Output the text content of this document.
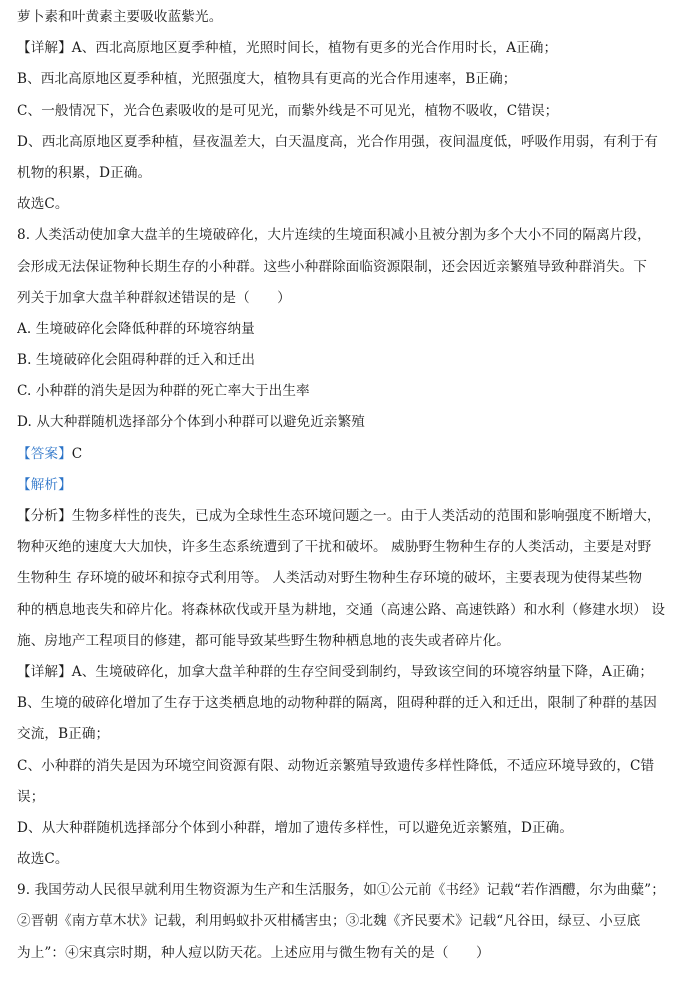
萝卜素和叶黄素主要吸收蓝紫光。
【详解】A、西北高原地区夏季种植，光照时间长，植物有更多的光合作用时长，A正确；
B、西北高原地区夏季种植，光照强度大，植物具有更高的光合作用速率，B正确；
C、一般情况下，光合色素吸收的是可见光，而紫外线是不可见光，植物不吸收，C错误；
D、西北高原地区夏季种植，昼夜温差大，白天温度高，光合作用强，夜间温度低，呼吸作用弱，有利于有
机物的积累，D正确。
故选C。
8. 人类活动使加拿大盘羊的生境破碎化，大片连续的生境面积减小且被分割为多个大小不同的隔离片段，
会形成无法保证物种长期生存的小种群。这些小种群除面临资源限制，还会因近亲繁殖导致种群消失。下
列关于加拿大盘羊种群叙述错误的是（　　）
A. 生境破碎化会降低种群的环境容纳量
B. 生境破碎化会阻碍种群的迁入和迁出
C. 小种群的消失是因为种群的死亡率大于出生率
D. 从大种群随机选择部分个体到小种群可以避免近亲繁殖
【答案】C
【解析】
【分析】生物多样性的丧失，已成为全球性生态环境问题之一。由于人类活动的范围和影响强度不断增大，
物种灭绝的速度大大加快，许多生态系统遭到了干扰和破坏。 威胁野生物种生存的人类活动，主要是对野
生物种生 存环境的破坏和掠夺式利用等。 人类活动对野生物种生存环境的破坏，主要表现为使得某些物
种的栖息地丧失和碎片化。将森林砍伐或开垦为耕地，交通（高速公路、高速铁路）和水利（修建水坝） 设
施、房地产工程项目的修建，都可能导致某些野生物种栖息地的丧失或者碎片化。
【详解】A、生境破碎化，加拿大盘羊种群的生存空间受到制约，导致该空间的环境容纳量下降，A正确；
B、生境的破碎化增加了生存于这类栖息地的动物种群的隔离，阻碍种群的迁入和迁出，限制了种群的基因
交流，B正确；
C、小种群的消失是因为环境空间资源有限、动物近亲繁殖导致遗传多样性降低，不适应环境导致的，C错
误；
D、从大种群随机选择部分个体到小种群，增加了遗传多样性，可以避免近亲繁殖，D正确。
故选C。
9. 我国劳动人民很早就利用生物资源为生产和生活服务，如①公元前《书经》记载“若作酒醴，尔为曲糵”；
②晋朝《南方草木状》记载，利用蚂蚁扑灭柑橘害虫；③北魏《齐民要术》记载“凡谷田，绿豆、小豆底
为上”：④宋真宗时期，种人痘以防天花。上述应用与微生物有关的是（　　）
